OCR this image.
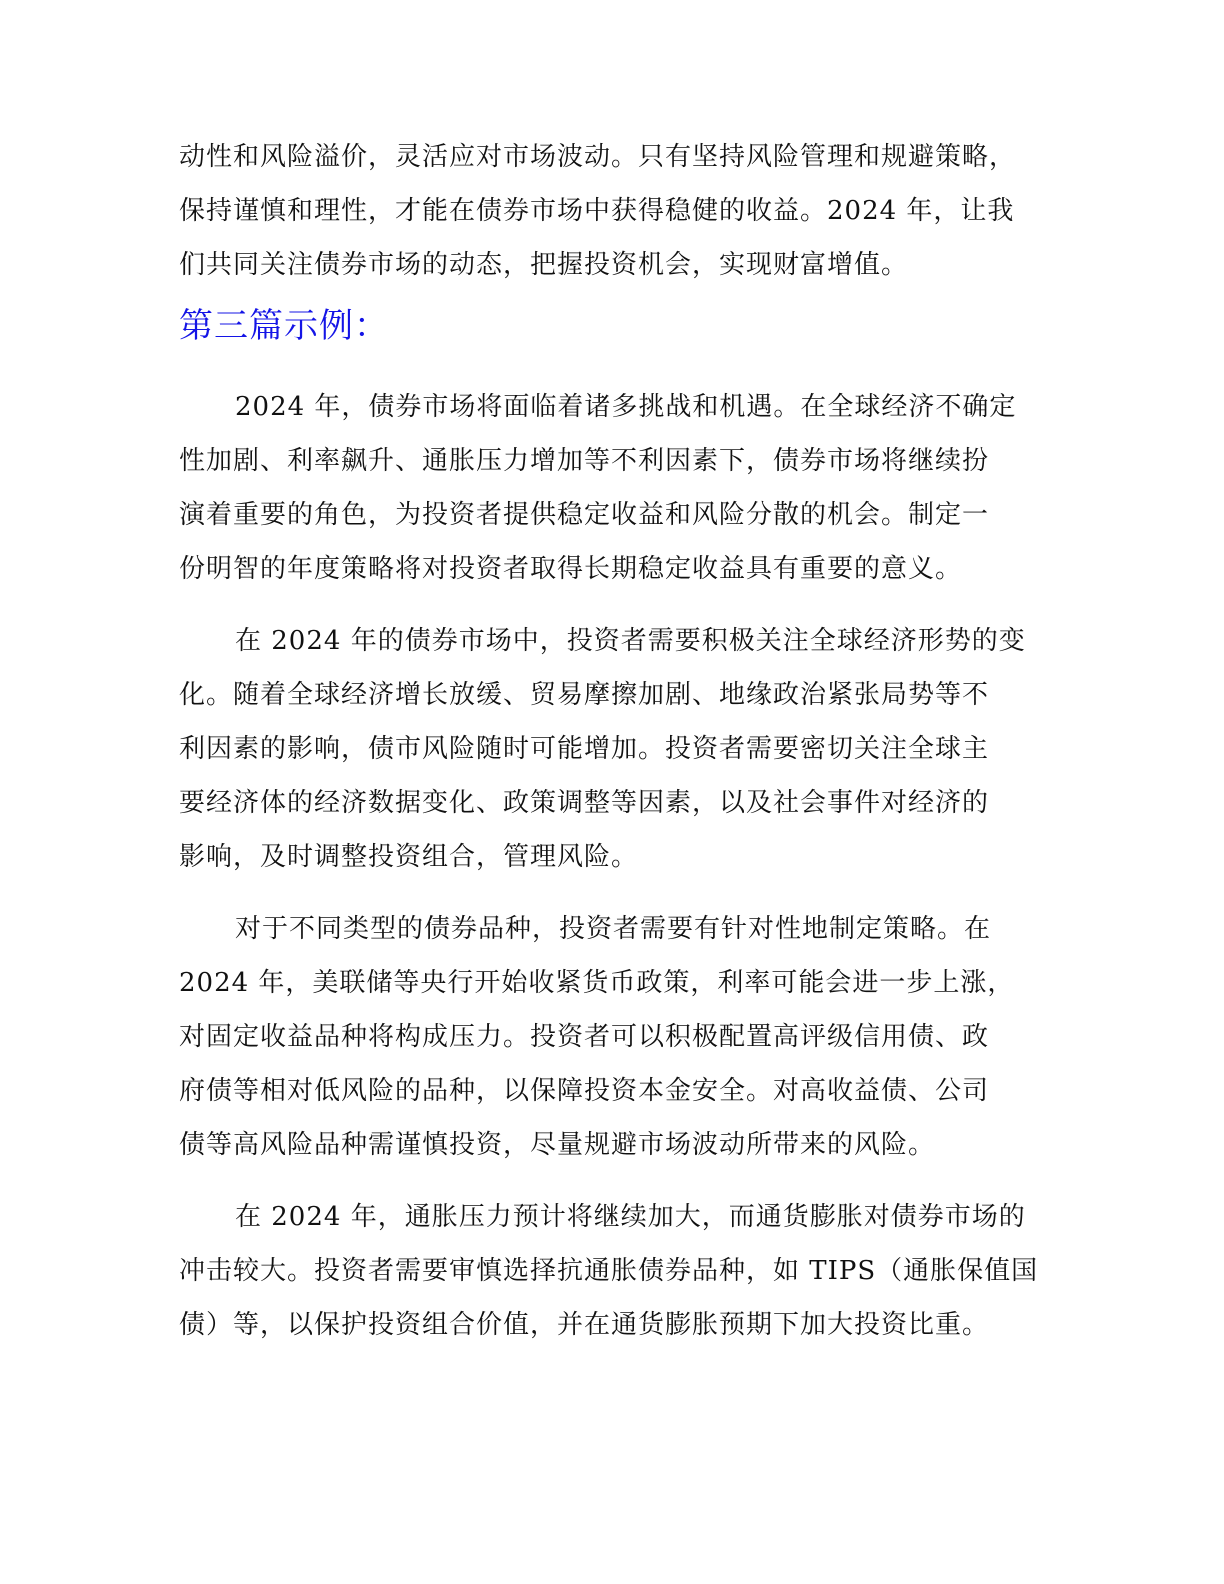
动性和风险溢价，灵活应对市场波动。只有坚持风险管理和规避策略，
保持谨慎和理性，才能在债券市场中获得稳健的收益。2024 年，让我
们共同关注债券市场的动态，把握投资机会，实现财富增值。
第三篇示例：
2024 年，债券市场将面临着诸多挑战和机遇。在全球经济不确定
性加剧、利率飙升、通胀压力增加等不利因素下，债券市场将继续扮
演着重要的角色，为投资者提供稳定收益和风险分散的机会。制定一
份明智的年度策略将对投资者取得长期稳定收益具有重要的意义。
在 2024 年的债券市场中，投资者需要积极关注全球经济形势的变
化。随着全球经济增长放缓、贸易摩擦加剧、地缘政治紧张局势等不
利因素的影响，债市风险随时可能增加。投资者需要密切关注全球主
要经济体的经济数据变化、政策调整等因素，以及社会事件对经济的
影响，及时调整投资组合，管理风险。
对于不同类型的债券品种，投资者需要有针对性地制定策略。在
2024 年，美联储等央行开始收紧货币政策，利率可能会进一步上涨，
对固定收益品种将构成压力。投资者可以积极配置高评级信用债、政
府债等相对低风险的品种，以保障投资本金安全。对高收益债、公司
债等高风险品种需谨慎投资，尽量规避市场波动所带来的风险。
在 2024 年，通胀压力预计将继续加大，而通货膨胀对债券市场的
冲击较大。投资者需要审慎选择抗通胀债券品种，如 TIPS（通胀保值国
债）等，以保护投资组合价值，并在通货膨胀预期下加大投资比重。
